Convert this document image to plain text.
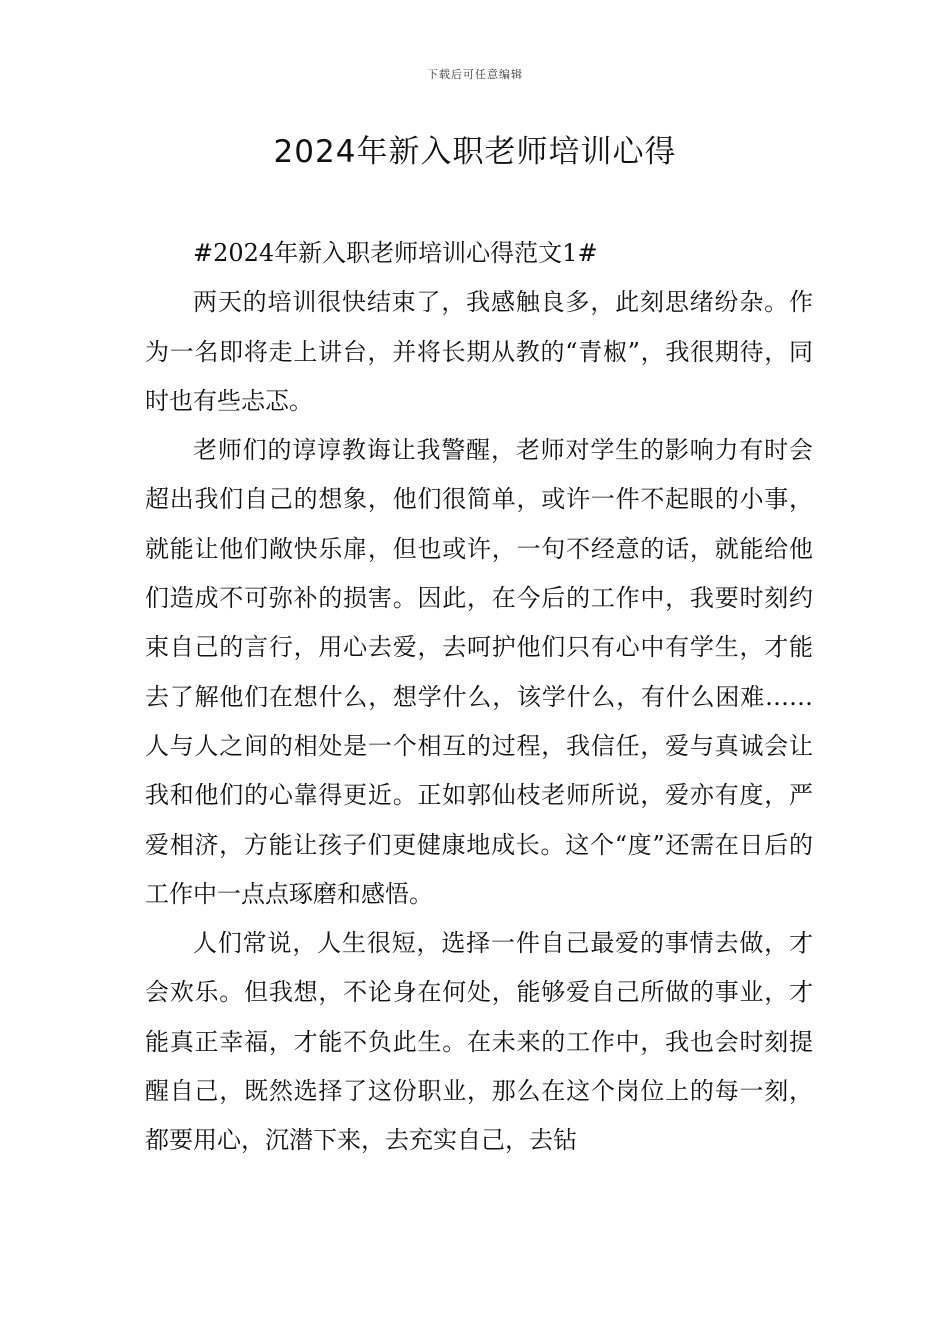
下载后可任意编辑
2024年新入职老师培训心得

#2024年新入职老师培训心得范文1#

两天的培训很快结束了，我感触良多，此刻思绪纷杂。作为一名即将走上讲台，并将长期从教的“青椒”，我很期待，同时也有些忐忑。

老师们的谆谆教诲让我警醒，老师对学生的影响力有时会超出我们自己的想象，他们很简单，或许一件不起眼的小事，就能让他们敞快乐扉，但也或许，一句不经意的话，就能给他们造成不可弥补的损害。因此，在今后的工作中，我要时刻约束自己的言行，用心去爱，去呵护他们只有心中有学生，才能去了解他们在想什么，想学什么，该学什么，有什么困难……人与人之间的相处是一个相互的过程，我信任，爱与真诚会让我和他们的心靠得更近。正如郭仙枝老师所说，爱亦有度，严爱相济，方能让孩子们更健康地成长。这个“度”还需在日后的工作中一点点琢磨和感悟。

人们常说，人生很短，选择一件自己最爱的事情去做，才会欢乐。但我想，不论身在何处，能够爱自己所做的事业，才能真正幸福，才能不负此生。在未来的工作中，我也会时刻提醒自己，既然选择了这份职业，那么在这个岗位上的每一刻，都要用心，沉潜下来，去充实自己，去钻
